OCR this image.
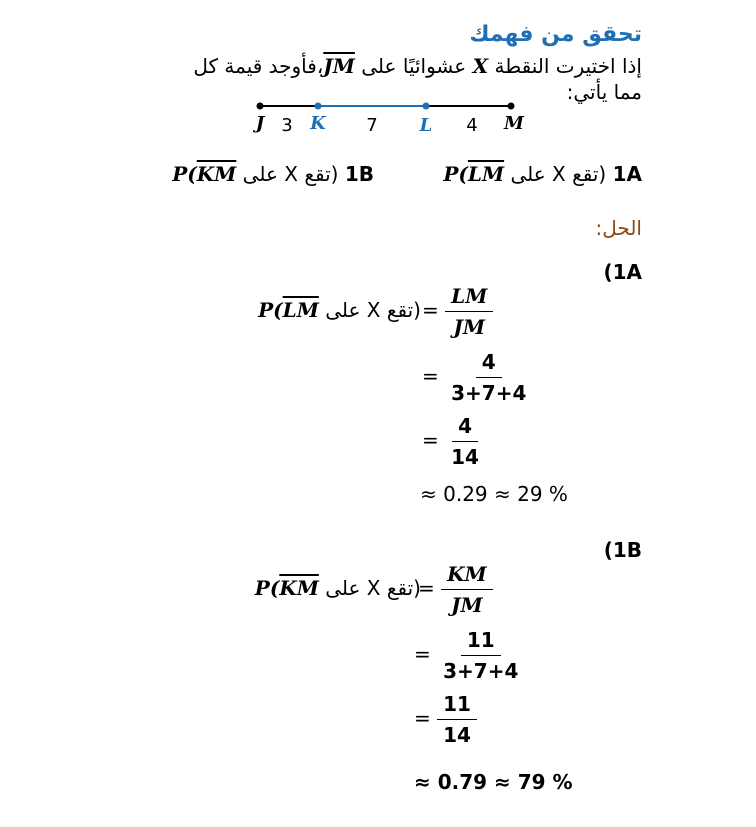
تحقق من فهمك
إذا اختيرت النقطة X عشوائيًا على JM،فأوجد قيمة كل
مما يأتي:
J	K	L	M
3	7	4
1A (تقع X على $P(\overline{LM}$
1B (تقع X على $P(\overline{KM}$
الحل:
(1A
(تقع X على $P(\overline{LM}$	= $\frac{LM}{JM}$
= $\frac{4}{3+7+4}$
= $\frac{4}{14}$
≈ 0.29 ≈ 29 %
(1B
(تقع X على $P(\overline{KM}$	= $\frac{KM}{JM}$
= $\frac{11}{3+7+4}$
= $\frac{11}{14}$
≈ 0.79 ≈ 79 %
